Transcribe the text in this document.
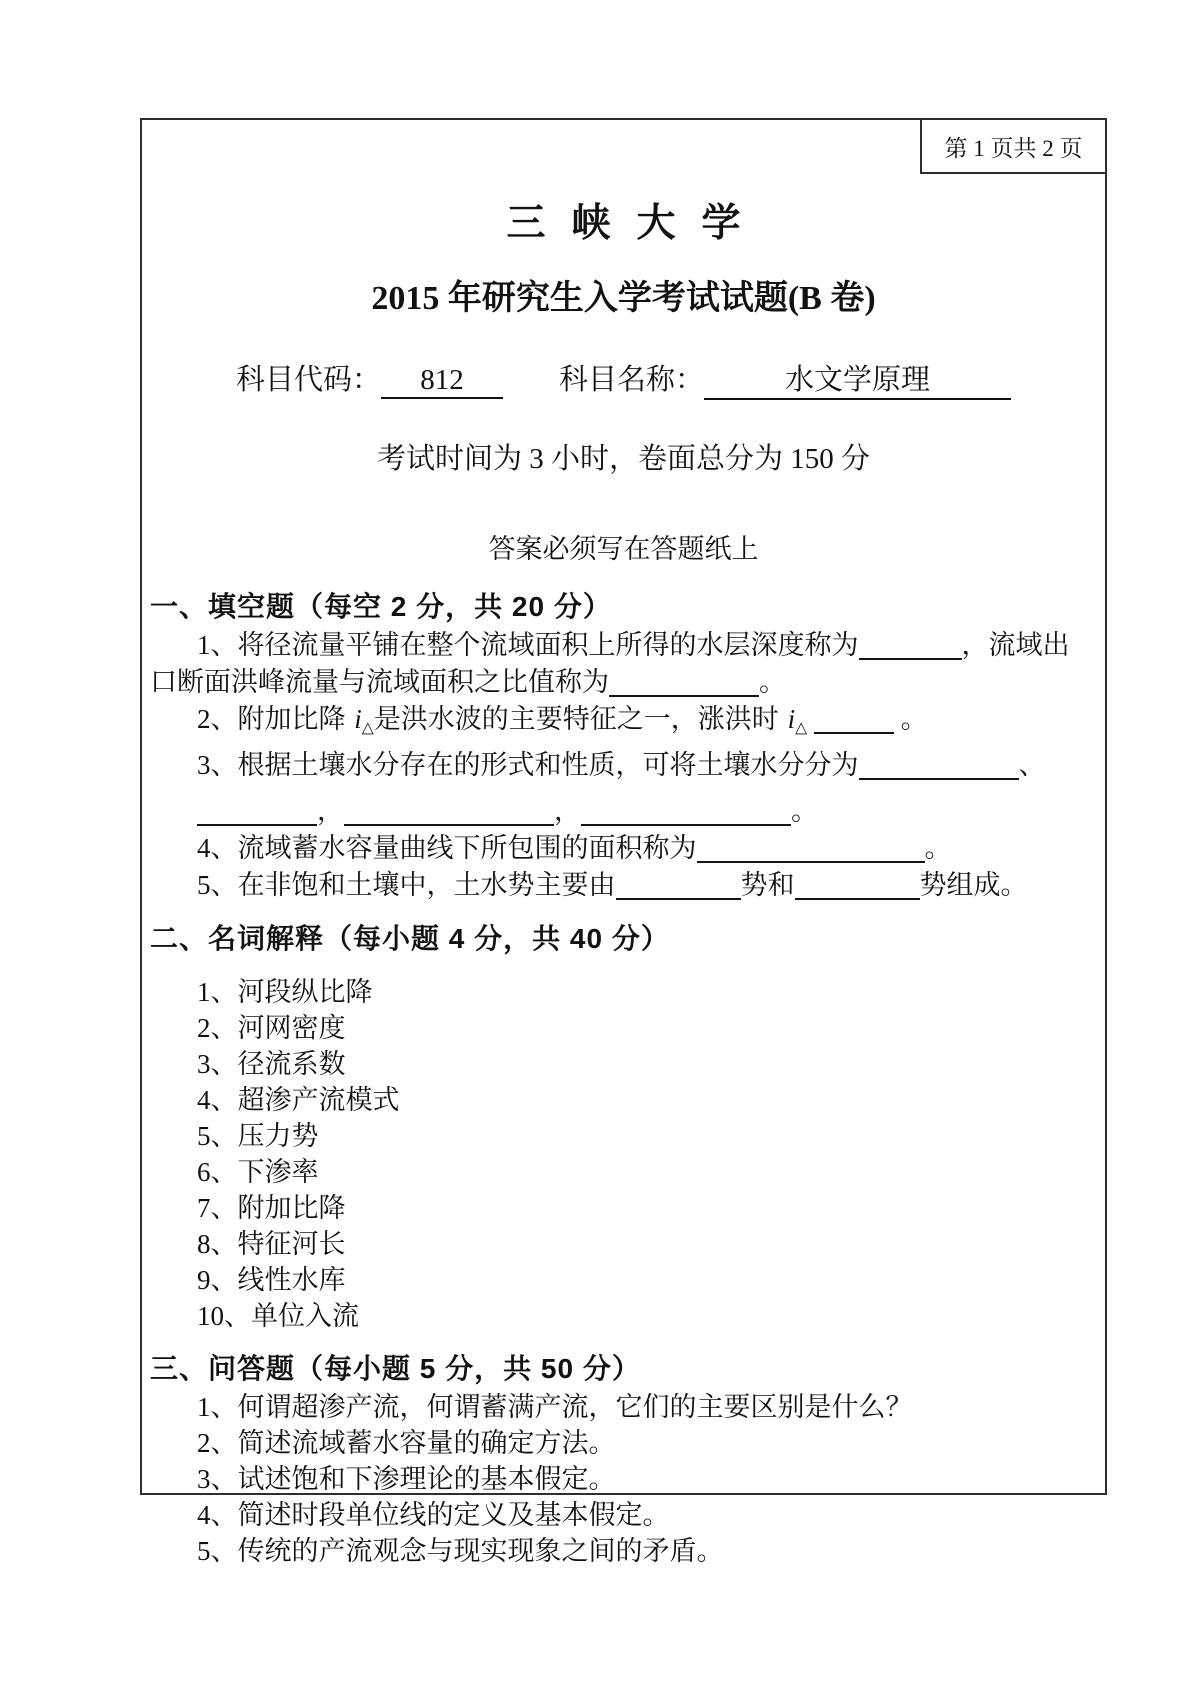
第 1 页共 2 页
三峡大学
2015 年研究生入学考试试题(B 卷)
科目代码：	812	科目名称：	水文学原理
考试时间为 3 小时，卷面总分为 150 分
答案必须写在答题纸上
一、填空题（每空 2 分，共 20 分）
1、将径流量平铺在整个流域面积上所得的水层深度称为	，流域出
口断面洪峰流量与流域面积之比值称为	。
2、附加比降 $i_\triangle$是洪水波的主要特征之一，涨洪时 $i_\triangle$	。
3、根据土壤水分存在的形式和性质，可将土壤水分分为	、
，	，	。
4、流域蓄水容量曲线下所包围的面积称为	。
5、在非饱和土壤中，土水势主要由	势和	势组成。
二、名词解释（每小题 4 分，共 40 分）
1、河段纵比降
2、河网密度
3、径流系数
4、超渗产流模式
5、压力势
6、下渗率
7、附加比降
8、特征河长
9、线性水库
10、单位入流
三、问答题（每小题 5 分，共 50 分）
1、何谓超渗产流，何谓蓄满产流，它们的主要区别是什么？
2、简述流域蓄水容量的确定方法。
3、试述饱和下渗理论的基本假定。
4、简述时段单位线的定义及基本假定。
5、传统的产流观念与现实现象之间的矛盾。
